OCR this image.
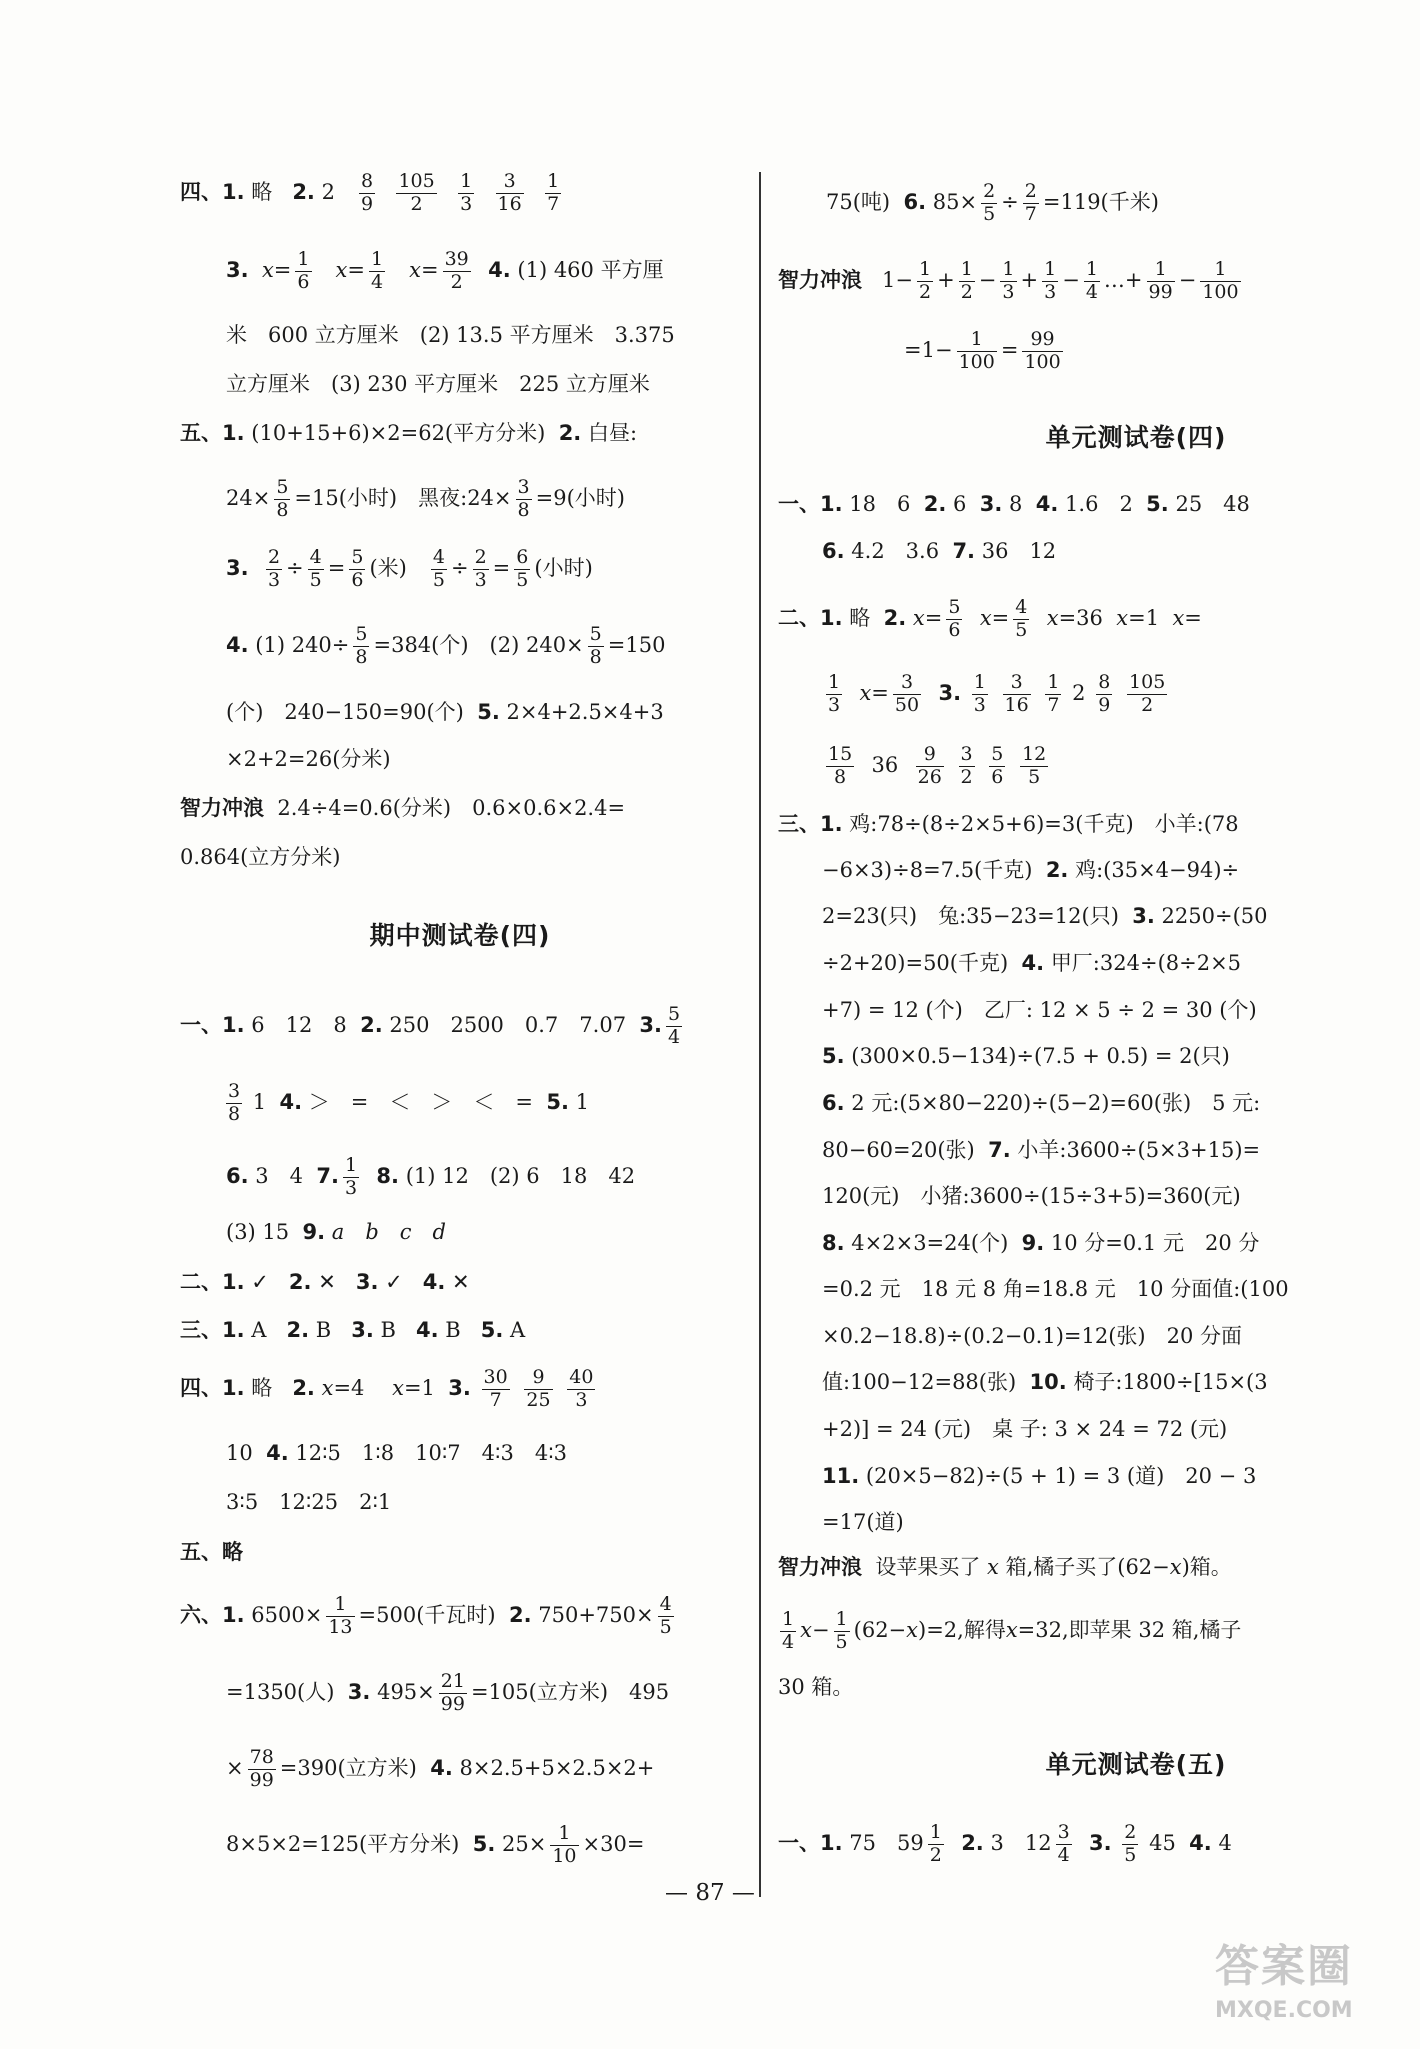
四、1. 略 2. $2 \frac{8}{9}$
$\frac{105}{2}$
$\frac{1}{3}$
$\frac{3}{16}$
$\frac{1}{7}$
3. $x= \frac{1}{6} x= \frac{1}{4} x= \frac{39}{2} 4$. (1) 460 平方厘
米　600 立方厘米　(2) 13.5 平方厘米　3.375
立方厘米　(3) 230 平方厘米　225 立方厘米
五、1. (10+15+6)×2=62(平方分米) 2. 白昼:
$24\times \frac{5}{8} =15$(小时)　黑夜:24× $\frac{3}{8} =9$(小时)
3. $\frac{2}{3} \div \frac{4}{5} = \frac{5}{6}$ (米) $\frac{4}{5} \div \frac{2}{3} = \frac{6}{5}$ (小时)
4. (1) $240\div \frac{5}{8} =384$(个)　(2) $240\times \frac{5}{8} =150$
(个)　240−150=90(个) 5. 2×4+2.5×4+3
×2+2=26(分米)
智力冲浪 2.4÷4=0.6(分米)　0.6×0.6×2.4=
0.864(立方分米)
期中测试卷(四)
一、1. 6　12　8 2. 250　2500　0.7　7.07 3. $\frac{5}{4}$
$\frac{3}{8} 1$ 4. ＞　=　＜　＞　＜　= 5. 1
6. 3　4 7. $\frac{1}{3} 8$. (1) 12　(2) 6　18　42
(3) 15 9. a　b　c　d
二、1. ✓ 2. ✕ 3. ✓ 4. ✕
三、1. A 2. B 3. B 4. B 5. A
四、1. 略 2. x=4　 x=1 3. $\frac{30}{7}$
$\frac{9}{25}$
$\frac{40}{3}$
10 4. 12∶5　1∶8　10∶7　4∶3　4∶3
3∶5　12∶25　2∶1
五、略
六、1. $6500\times \frac{1}{13} =500$(千瓦时) 2. $750+750\times \frac{4}{5}$
=1350(人) 3. $495\times \frac{21}{99} =105$(立方米)　495
× $\frac{78}{99} =390$(立方米) 4. 8×2.5+5×2.5×2+
8×5×2=125(平方分米) 5. $25\times \frac{1}{10} \times 30=$
75(吨) 6. $85\times \frac{2}{5} \div \frac{2}{7} =119$(千米)
智力冲浪 $1- \frac{1}{2} + \frac{1}{2} - \frac{1}{3} + \frac{1}{3} - \frac{1}{4}$ …+ $\frac{1}{99} - \frac{1}{100}$
$=1- \frac{1}{100} = \frac{99}{100}$
单元测试卷(四)
一、1. 18　6 2. 6 3. 8 4. 1.6　2 5. 25　48
6. 4.2　3.6 7. 36　12
二、1. 略 2. $x= \frac{5}{6} x= \frac{4}{5} x=36$ x=1 x=
$\frac{1}{3} x= \frac{3}{50} 3$. $\frac{1}{3}$
$\frac{3}{16}$
$\frac{1}{7} 2 \frac{8}{9}$
$\frac{105}{2}$
$\frac{15}{8} 36 \frac{9}{26}$
$\frac{3}{2}$
$\frac{5}{6}$
$\frac{12}{5}$
三、1. 鸡:78÷(8÷2×5+6)=3(千克)　小羊:(78
−6×3)÷8=7.5(千克) 2. 鸡:(35×4−94)÷
2=23(只)　兔:35−23=12(只) 3. 2250÷(50
÷2+20)=50(千克) 4. 甲厂:324÷(8÷2×5
+7) = 12 (个)　乙厂: 12 × 5 ÷ 2 = 30 (个)
5. (300×0.5−134)÷(7.5 + 0.5) = 2(只)
6. 2 元:(5×80−220)÷(5−2)=60(张)　5 元:
80−60=20(张) 7. 小羊:3600÷(5×3+15)=
120(元)　小猪:3600÷(15÷3+5)=360(元)
8. 4×2×3=24(个) 9. 10 分=0.1 元　20 分
=0.2 元　18 元 8 角=18.8 元　10 分面值:(100
×0.2−18.8)÷(0.2−0.1)=12(张)　20 分面
值:100−12=88(张) 10. 椅子:1800÷[15×(3
+2)] = 24 (元)　桌 子: 3 × 24 = 72 (元)
11. (20×5−82)÷(5 + 1) = 3 (道)　20 − 3
=17(道)
智力冲浪 设苹果买了 x 箱,橘子买了(62−x)箱。
$\frac{1}{4} x- \frac{1}{5} (62-x)=2$,解得x=32,即苹果 32 箱,橘子
30 箱。
单元测试卷(五)
一、1. 75　$59 \frac{1}{2} 2$. 3　$12 \frac{3}{4} 3$. $\frac{2}{5} 45$ 4. 4
— 87 —
答案圈
MXQE.COM
